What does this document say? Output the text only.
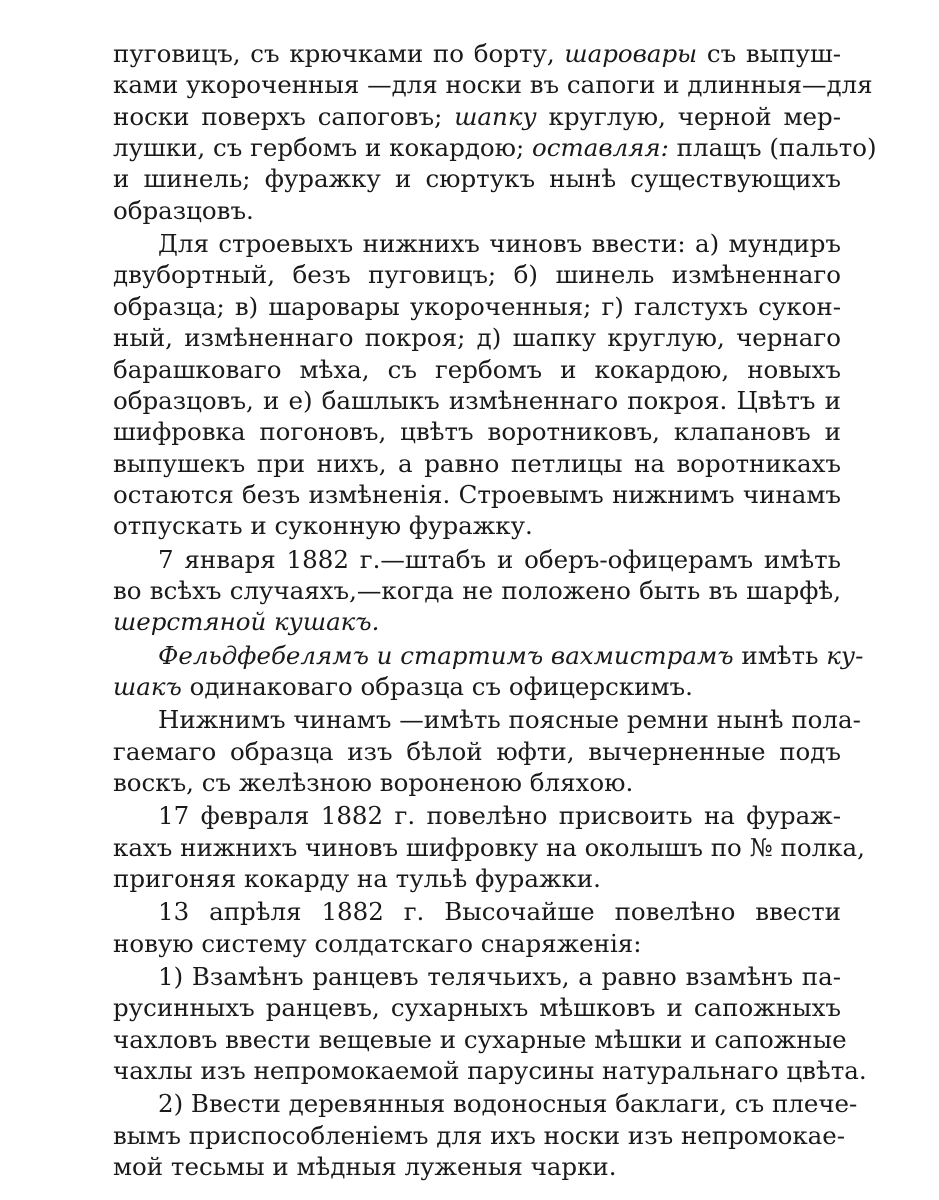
пуговицъ, съ крючками по борту, шаровары съ выпуш-
ками укороченныя —для носки въ сапоги и длинныя—для
носки поверхъ сапоговъ; шапку круглую, черной мер-
лушки, съ гербомъ и кокардою; оставляя: плащъ (пальто)
и шинель; фуражку и сюртукъ нынѣ существующихъ
образцовъ.
Для строевыхъ нижнихъ чиновъ ввести: а) мундиръ
двубортный, безъ пуговицъ; б) шинель измѣненнаго
образца; в) шаровары укороченныя; г) галстухъ сукон-
ный, измѣненнаго покроя; д) шапку круглую, чернаго
барашковаго мѣха, съ гербомъ и кокардою, новыхъ
образцовъ, и е) башлыкъ измѣненнаго покроя. Цвѣтъ и
шифровка погоновъ, цвѣтъ воротниковъ, клапановъ и
выпушекъ при нихъ, а равно петлицы на воротникахъ
остаются безъ измѣненія. Строевымъ нижнимъ чинамъ
отпускать и суконную фуражку.
7 января 1882 г.—штабъ и оберъ-офицерамъ имѣть
во всѣхъ случаяхъ,—когда не положено быть въ шарфѣ,
шерстяной кушакъ.
Фельдфебелямъ и стартимъ вахмистрамъ имѣть ку-
шакъ одинаковаго образца съ офицерскимъ.
Нижнимъ чинамъ —имѣть поясные ремни нынѣ пола-
гаемаго образца изъ бѣлой юфти, вычерненные подъ
воскъ, съ желѣзною вороненою бляхою.
17 февраля 1882 г. повелѣно присвоить на фураж-
кахъ нижнихъ чиновъ шифровку на околышъ по № полка,
пригоняя кокарду на тульѣ фуражки.
13 апрѣля 1882 г. Высочайше повелѣно ввести
новую систему солдатскаго снаряженія:
1) Взамѣнъ ранцевъ телячьихъ, а равно взамѣнъ па-
русинныхъ ранцевъ, сухарныхъ мѣшковъ и сапожныхъ
чахловъ ввести вещевые и сухарные мѣшки и сапожные
чахлы изъ непромокаемой парусины натуральнаго цвѣта.
2) Ввести деревянныя водоносныя баклаги, съ плече-
вымъ приспособленіемъ для ихъ носки изъ непромокае-
мой тесьмы и мѣдныя луженыя чарки.
